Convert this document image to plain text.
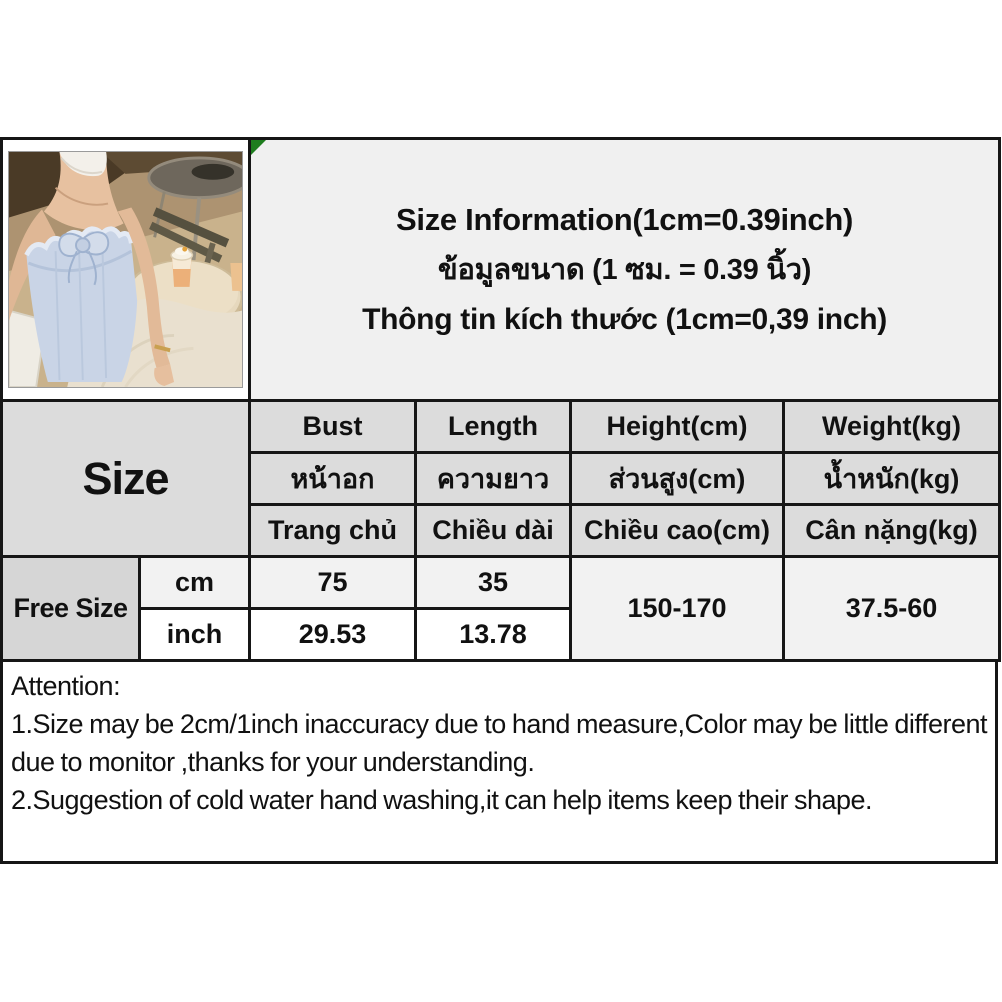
Size Information(1cm=0.39inch)
ข้อมูลขนาด (1 ซม. = 0.39 นิ้ว)
Thông tin kích thước (1cm=0,39 inch)			

Size		Bust	Length	Height(cm)	Weight(kg)
		หน้าอก	ความยาว	ส่วนสูง(cm)	น้ำหนัก(kg)
		Trang chủ	Chiều dài	Chiều cao(cm)	Cân nặng(kg)
Free Size	cm	75	35	150-170	37.5-60
	inch	29.53	13.78		

Attention:

1.Size may be 2cm/1inch inaccuracy due to hand measure,Color may be little different due to monitor ,thanks for your understanding.

2.Suggestion of cold water hand washing,it can help items keep their shape.
